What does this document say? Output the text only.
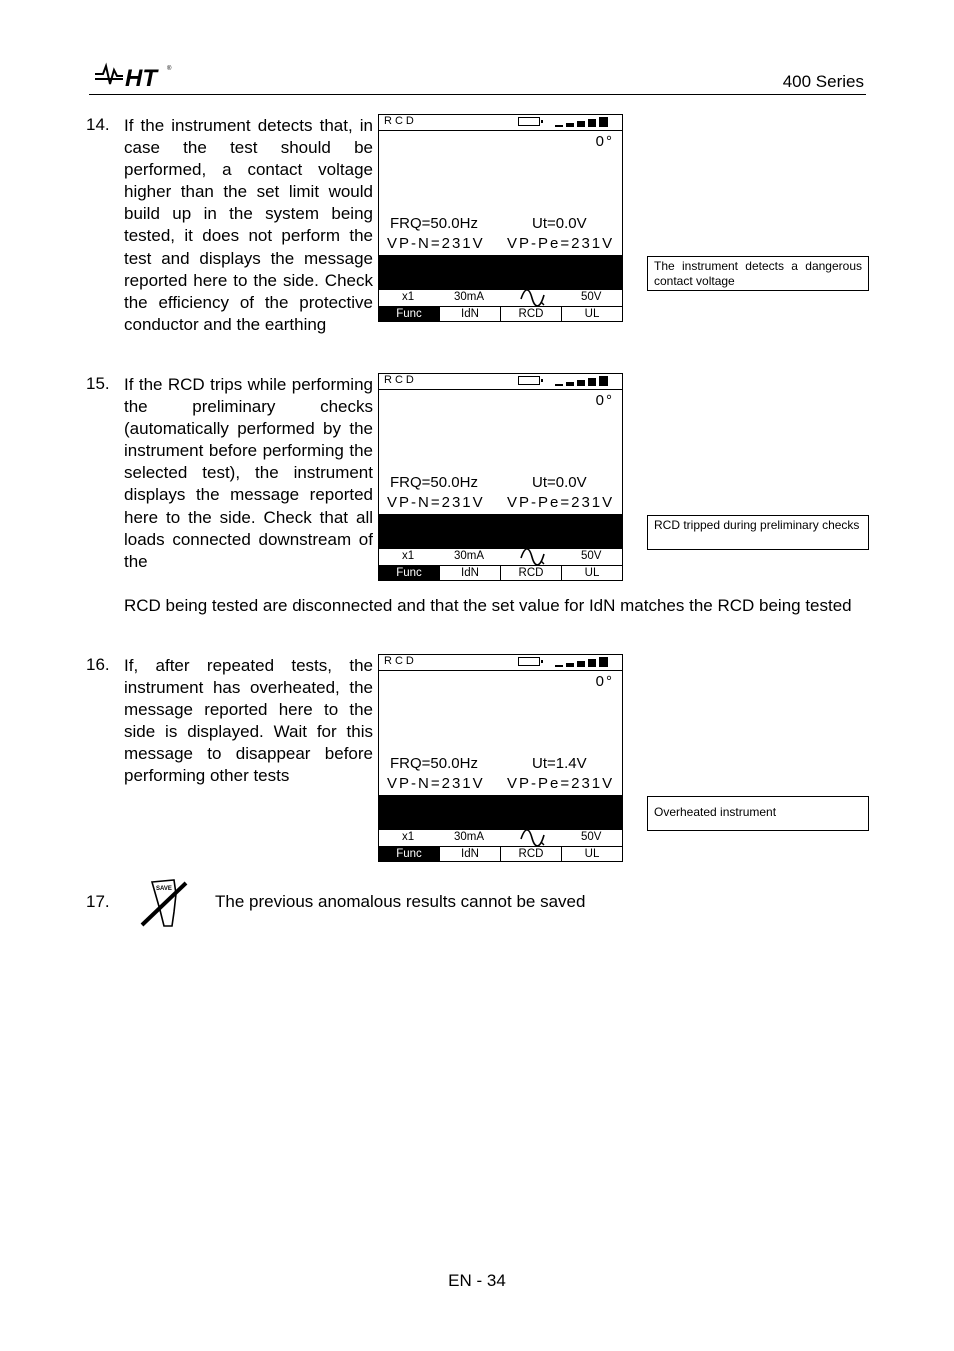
HT	®
400 Series
14. If the instrument detects that, in case the test should be performed, a contact voltage higher than the set limit would build up in the system being tested, it does not perform the test and displays the message reported here to the side. Check the efficiency of the protective conductor and the earthing

RCD
0°
FRQ=50.0Hz	Ut=0.0V
VP-N=231V VP-Pe=231V
x1	30mA	50V
Func	IdN	RCD	UL
The instrument detects a dangerous contact voltage
15. If the RCD trips while performing the preliminary checks (automatically performed by the instrument before performing the selected test), the instrument displays the message reported here to the side. Check that all loads connected downstream of the

RCD being tested are disconnected and that the set value for IdN matches the RCD being tested

RCD
0°
FRQ=50.0Hz	Ut=0.0V
VP-N=231V VP-Pe=231V
x1	30mA	50V
Func	IdN	RCD	UL
RCD tripped during preliminary checks
16. If, after repeated tests, the instrument has overheated, the message reported here to the side is displayed. Wait for this message to disappear before performing other tests

RCD
0°
FRQ=50.0Hz	Ut=1.4V
VP-N=231V VP-Pe=231V
x1	30mA	50V
Func	IdN	RCD	UL
Overheated instrument
17.
SAVE
The previous anomalous results cannot be saved
EN - 34
